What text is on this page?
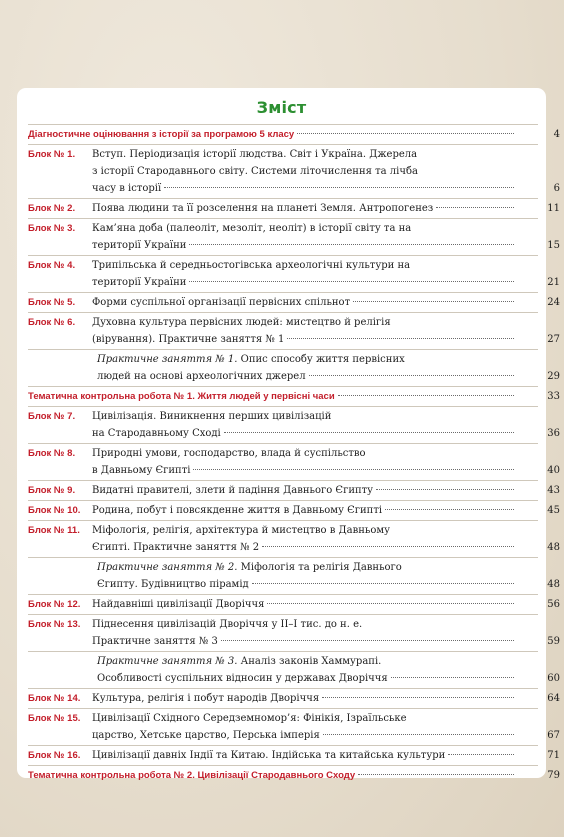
Зміст
Діагностичне оцінювання з історії за програмою 5 класу	4
Блок № 1. Вступ. Періодизація історії людства. Світ і Україна. Джерела
з історії Стародавнього світу. Системи літочислення та лічба
часу в історії	6
Блок № 2. Поява людини та її розселення на планеті Земля. Антропогенез	11
Блок № 3. Кам’яна доба (палеоліт, мезоліт, неоліт) в історії світу та на
території України	15
Блок № 4. Трипільська й середньостогівська археологічні культури на
території України	21
Блок № 5. Форми суспільної організації первісних спільнот	24
Блок № 6. Духовна культура первісних людей: мистецтво й релігія
(вірування). Практичне заняття № 1	27
Практичне заняття № 1. Опис способу життя первісних
людей на основі археологічних джерел	29
Тематична контрольна робота № 1. Життя людей у первісні часи	33
Блок № 7. Цивілізація. Виникнення перших цивілізацій
на Стародавньому Сході	36
Блок № 8. Природні умови, господарство, влада й суспільство
в Давньому Єгипті	40
Блок № 9. Видатні правителі, злети й падіння Давнього Єгипту	43
Блок № 10. Родина, побут і повсякденне життя в Давньому Єгипті	45
Блок № 11. Міфологія, релігія, архітектура й мистецтво в Давньому
Єгипті. Практичне заняття № 2	48
Практичне заняття № 2. Міфологія та релігія Давнього
Єгипту. Будівництво пірамід	48
Блок № 12. Найдавніші цивілізації Дворіччя	56
Блок № 13. Піднесення цивілізацій Дворіччя у II–І тис. до н. е.
Практичне заняття № 3	59
Практичне заняття № 3. Аналіз законів Хаммурапі.
Особливості суспільних відносин у державах Дворіччя	60
Блок № 14. Культура, релігія і побут народів Дворіччя	64
Блок № 15. Цивілізації Східного Середземномор’я: Фінікія, Ізраїльське
царство, Хетське царство, Перська імперія	67
Блок № 16. Цивілізації давніх Індії та Китаю. Індійська та китайська культури	71
Тематична контрольна робота № 2. Цивілізації Стародавнього Сходу	79
